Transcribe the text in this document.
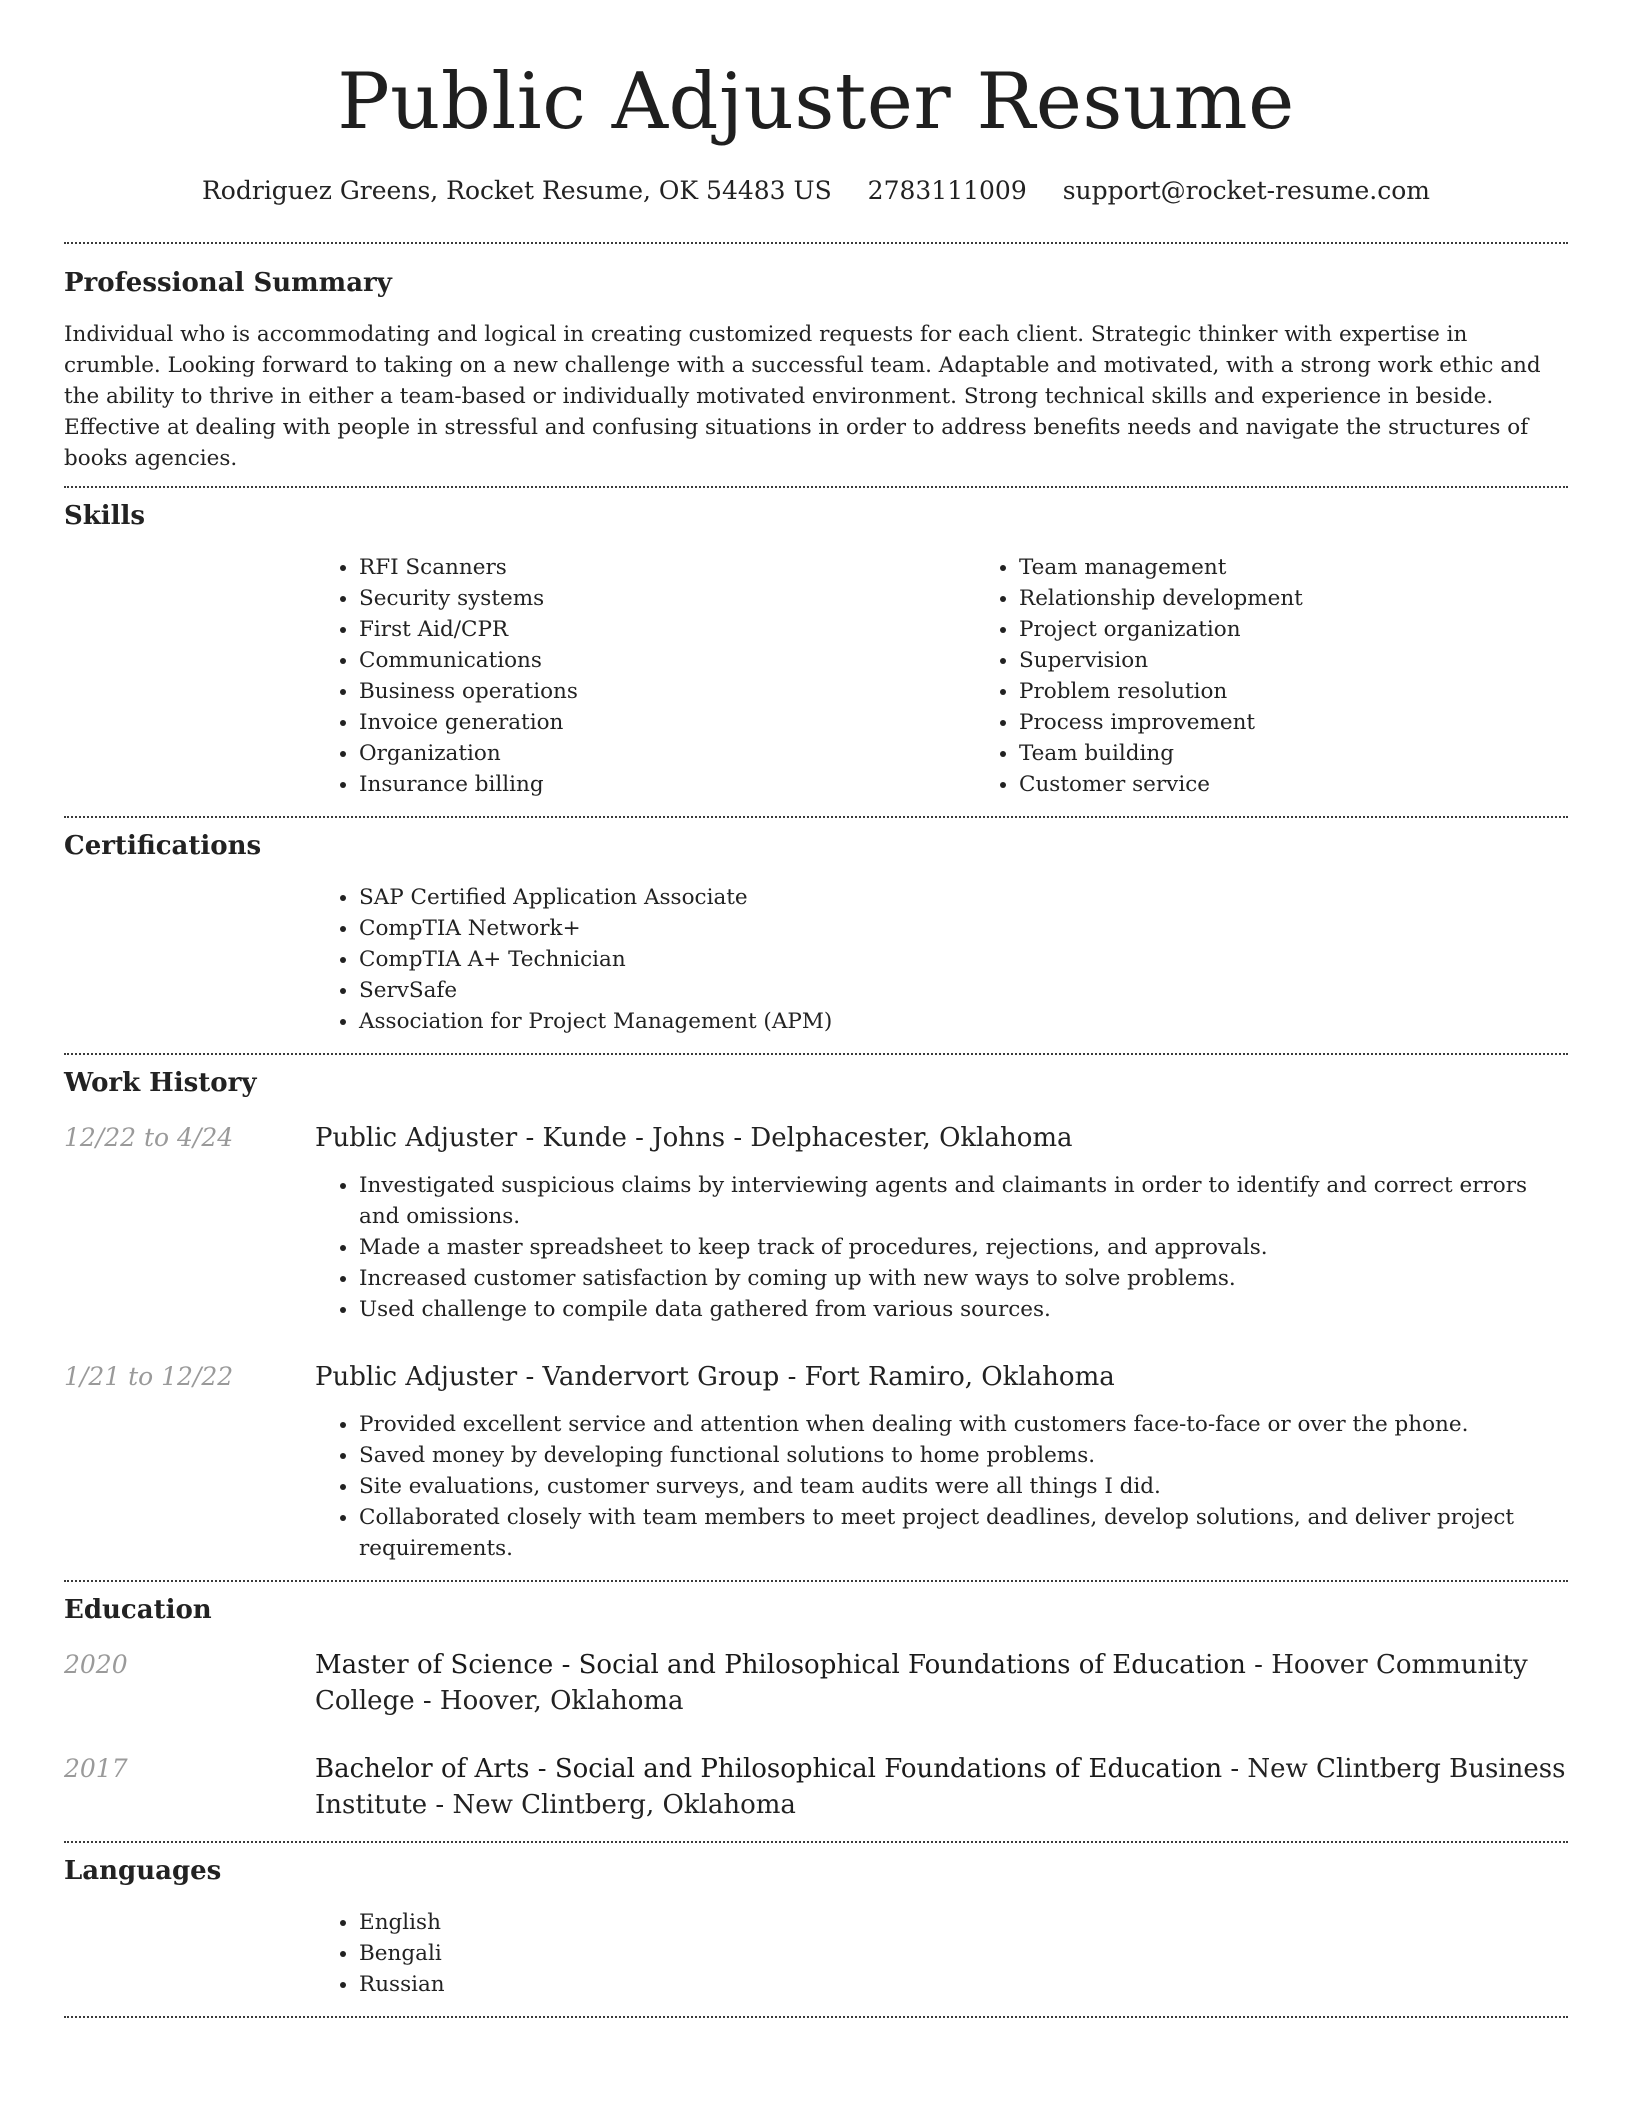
Public Adjuster Resume
Rodriguez Greens, Rocket Resume, OK 54483 US 2783111009 support@rocket-resume.com
Professional Summary

Individual who is accommodating and logical in creating customized requests for each client. Strategic thinker with expertise in crumble. Looking forward to taking on a new challenge with a successful team. Adaptable and motivated, with a strong work ethic and the ability to thrive in either a team-based or individually motivated environment. Strong technical skills and experience in beside. Effective at dealing with people in stressful and confusing situations in order to address benefits needs and navigate the structures of books agencies.

Skills
• RFI Scanners
• Security systems
• First Aid/CPR
• Communications
• Business operations
• Invoice generation
• Organization
• Insurance billing
• Team management
• Relationship development
• Project organization
• Supervision
• Problem resolution
• Process improvement
• Team building
• Customer service
Certifications
• SAP Certified Application Associate
• CompTIA Network+
• CompTIA A+ Technician
• ServSafe
• Association for Project Management (APM)
Work History
12/22 to 4/24	Public Adjuster - Kunde - Johns - Delphacester, Oklahoma
• Investigated suspicious claims by interviewing agents and claimants in order to identify and correct errors and omissions.
• Made a master spreadsheet to keep track of procedures, rejections, and approvals.
• Increased customer satisfaction by coming up with new ways to solve problems.
• Used challenge to compile data gathered from various sources.
1/21 to 12/22	Public Adjuster - Vandervort Group - Fort Ramiro, Oklahoma
• Provided excellent service and attention when dealing with customers face-to-face or over the phone.
• Saved money by developing functional solutions to home problems.
• Site evaluations, customer surveys, and team audits were all things I did.
• Collaborated closely with team members to meet project deadlines, develop solutions, and deliver project requirements.
Education
2020	Master of Science - Social and Philosophical Foundations of Education - Hoover Community College - Hoover, Oklahoma
2017	Bachelor of Arts - Social and Philosophical Foundations of Education - New Clintberg Business Institute - New Clintberg, Oklahoma
Languages
• English
• Bengali
• Russian
